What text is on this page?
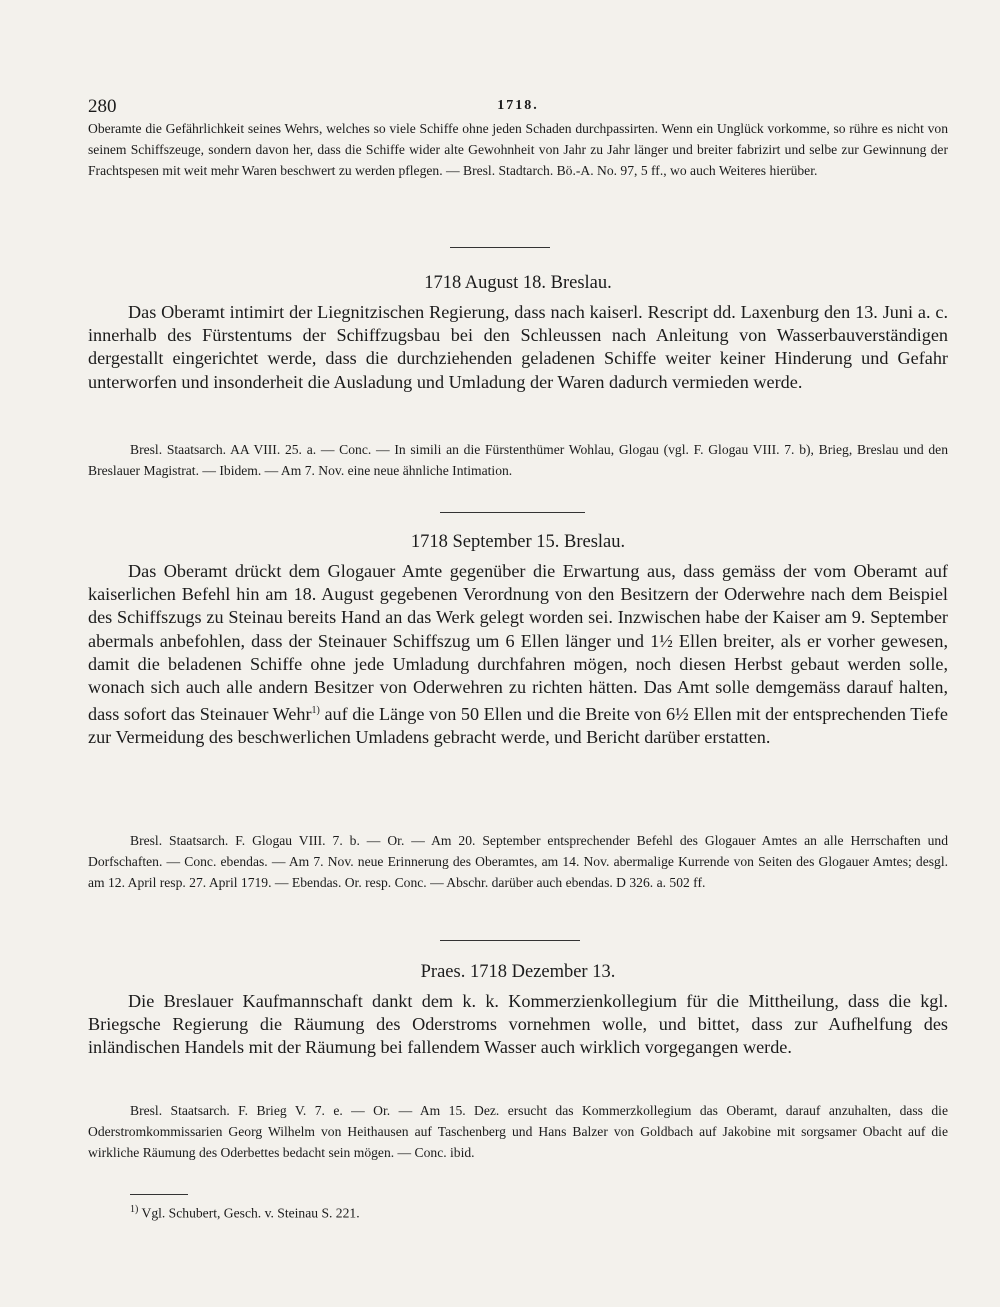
280	1718.

Oberamte die Gefährlichkeit seines Wehrs, welches so viele Schiffe ohne jeden Schaden durchpassirten. Wenn ein Unglück vorkomme, so rühre es nicht von seinem Schiffszeuge, sondern davon her, dass die Schiffe wider alte Gewohnheit von Jahr zu Jahr länger und breiter fabrizirt und selbe zur Gewinnung der Frachtspesen mit weit mehr Waren beschwert zu werden pflegen. — Bresl. Stadtarch. Bö.-A. No. 97, 5 ff., wo auch Weiteres hierüber.

1718 August 18. Breslau.

Das Oberamt intimirt der Liegnitzischen Regierung, dass nach kaiserl. Rescript dd. Laxenburg den 13. Juni a. c. innerhalb des Fürstentums der Schiffzugsbau bei den Schleussen nach Anleitung von Wasserbauverständigen dergestallt eingerichtet werde, dass die durchziehenden geladenen Schiffe weiter keiner Hinderung und Gefahr unterworfen und insonderheit die Ausladung und Umladung der Waren dadurch vermieden werde.

Bresl. Staatsarch. AA VIII. 25. a. — Conc. — In simili an die Fürstenthümer Wohlau, Glogau (vgl. F. Glogau VIII. 7. b), Brieg, Breslau und den Breslauer Magistrat. — Ibidem. — Am 7. Nov. eine neue ähnliche Intimation.

1718 September 15. Breslau.

Das Oberamt drückt dem Glogauer Amte gegenüber die Erwartung aus, dass gemäss der vom Oberamt auf kaiserlichen Befehl hin am 18. August gegebenen Verordnung von den Besitzern der Oderwehre nach dem Beispiel des Schiffszugs zu Steinau bereits Hand an das Werk gelegt worden sei. Inzwischen habe der Kaiser am 9. September abermals anbefohlen, dass der Steinauer Schiffszug um 6 Ellen länger und 1½ Ellen breiter, als er vorher gewesen, damit die beladenen Schiffe ohne jede Umladung durchfahren mögen, noch diesen Herbst gebaut werden solle, wonach sich auch alle andern Besitzer von Oderwehren zu richten hätten. Das Amt solle demgemäss darauf halten, dass sofort das Steinauer Wehr$^{1)}$ auf die Länge von 50 Ellen und die Breite von 6½ Ellen mit der entsprechenden Tiefe zur Vermeidung des beschwerlichen Umladens gebracht werde, und Bericht darüber erstatten.

Bresl. Staatsarch. F. Glogau VIII. 7. b. — Or. — Am 20. September entsprechender Befehl des Glogauer Amtes an alle Herrschaften und Dorfschaften. — Conc. ebendas. — Am 7. Nov. neue Erinnerung des Oberamtes, am 14. Nov. abermalige Kurrende von Seiten des Glogauer Amtes; desgl. am 12. April resp. 27. April 1719. — Ebendas. Or. resp. Conc. — Abschr. darüber auch ebendas. D 326. a. 502 ff.

Praes. 1718 Dezember 13.

Die Breslauer Kaufmannschaft dankt dem k. k. Kommerzienkollegium für die Mittheilung, dass die kgl. Briegsche Regierung die Räumung des Oderstroms vornehmen wolle, und bittet, dass zur Aufhelfung des inländischen Handels mit der Räumung bei fallendem Wasser auch wirklich vorgegangen werde.

Bresl. Staatsarch. F. Brieg V. 7. e. — Or. — Am 15. Dez. ersucht das Kommerzkollegium das Oberamt, darauf anzuhalten, dass die Oderstromkommissarien Georg Wilhelm von Heithausen auf Taschenberg und Hans Balzer von Goldbach auf Jakobine mit sorgsamer Obacht auf die wirkliche Räumung des Oderbettes bedacht sein mögen. — Conc. ibid.

$^{1)}$ Vgl. Schubert, Gesch. v. Steinau S. 221.
